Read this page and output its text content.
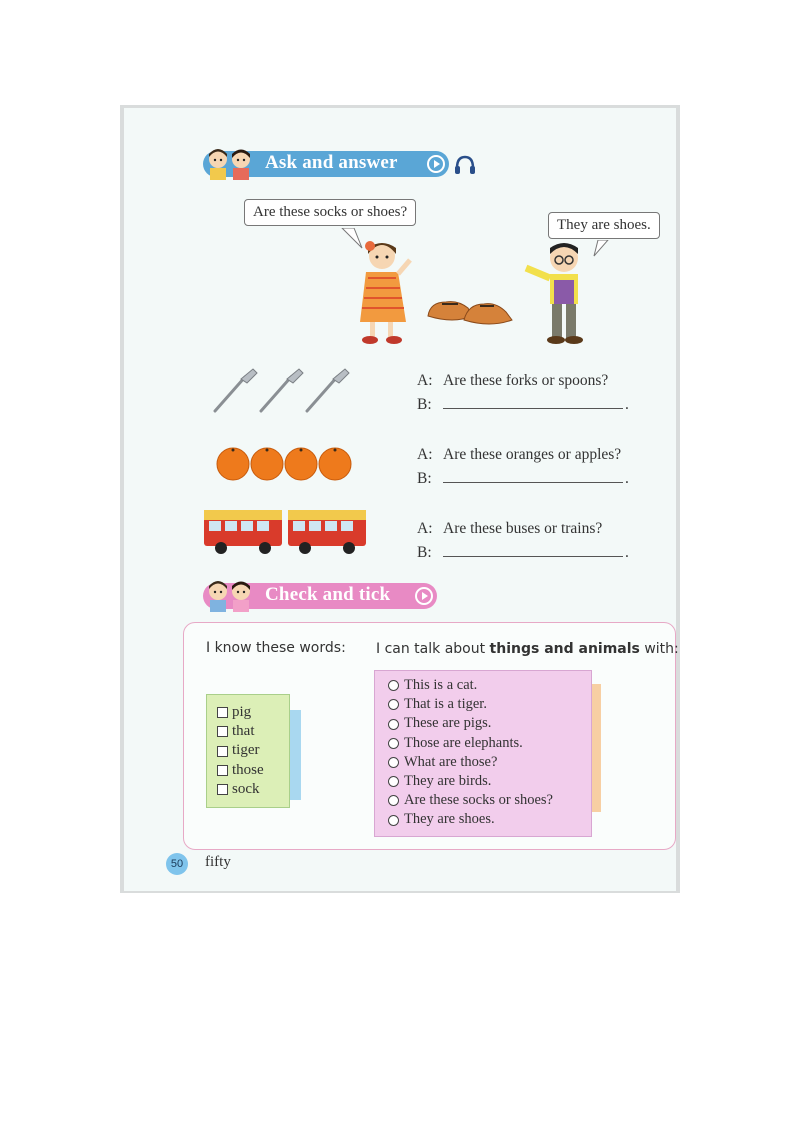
Ask and answer
Are these socks or shoes?
They are shoes.
A: Are these forks or spoons?
B:	.
A: Are these oranges or apples?
B:	.
A: Are these buses or trains?
B:	.
Check and tick
I know these words: I can talk about things and animals with:
pig
that
tiger
those
sock
This is a cat.
That is a tiger.
These are pigs.
Those are elephants.
What are those?
They are birds.
Are these socks or shoes?
They are shoes.
50	fifty
